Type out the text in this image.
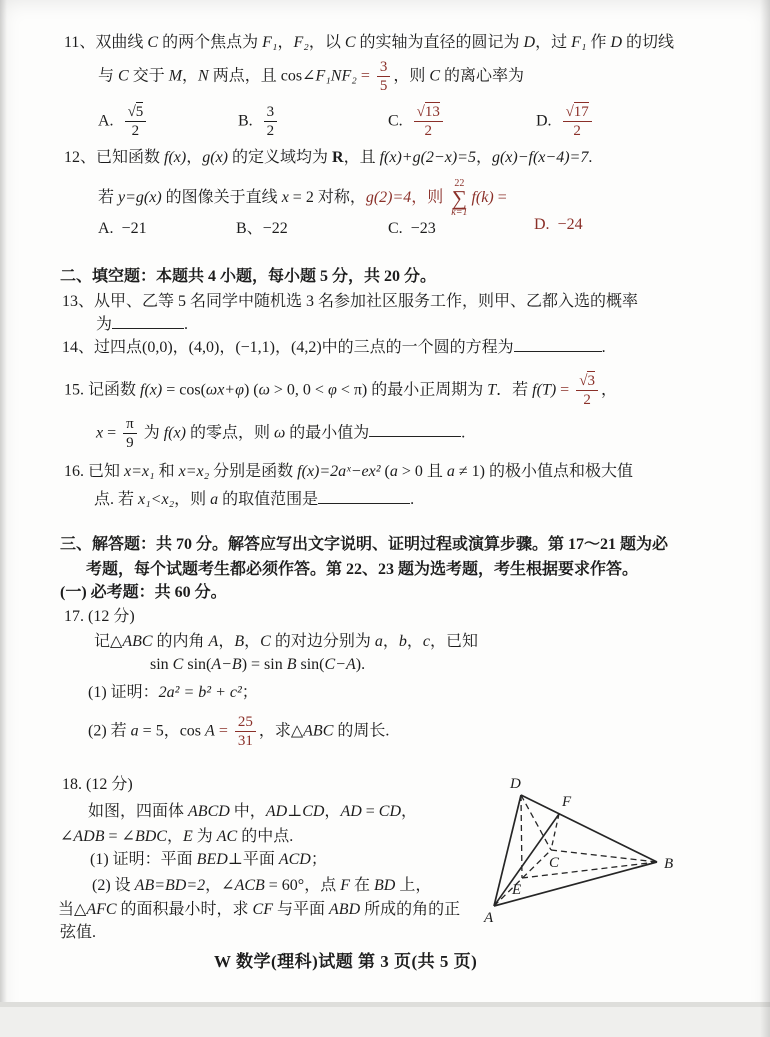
11、双曲线 C 的两个焦点为 F₁，F₂，以 C 的实轴为直径的圆记为 D，过 F₁ 作 D 的切线

与 C 交于 M，N 两点，且 cos∠F₁NF₂ = $\frac{3}{5}$ ，则 C 的离心率为

A.  $\frac{√5}{2}$	B.  $\frac{3}{2}$	C.  $\frac{√13}{2}$	D.  $\frac{√17}{2}$

12、已知函数 f(x)，g(x) 的定义域均为 R，且 f(x)+g(2−x)=5，g(x)−f(x−4)=7.

若 y=g(x) 的图像关于直线 x = 2 对称，g(2)=4，则
22
∑
k=1
f(k) =

A. −21	B、−22	C. −23	D. −24

二、填空题：本题共 4 小题，每小题 5 分，共 20 分。

13、从甲、乙等 5 名同学中随机选 3 名参加社区服务工作，则甲、乙都入选的概率

为	.

14、过四点(0,0)，(4,0)，(−1,1)，(4,2)中的三点的一个圆的方程为	.

15. 记函数 f(x) = cos(ωx+φ) (ω > 0, 0 < φ < π) 的最小正周期为 T．若 $f(T) = \frac{√3}{2}$ ，

$x = \frac{\pi}{9}$ 为 f(x) 的零点，则 ω 的最小值为	.

16. 已知 x=x₁ 和 x=x₂ 分别是函数 f(x)=2aˣ−ex² (a > 0 且 a ≠ 1) 的极小值点和极大值

点. 若 x₁<x₂，则 a 的取值范围是	.

三、解答题：共 70 分。解答应写出文字说明、证明过程或演算步骤。第 17～21 题为必

考题，每个试题考生都必须作答。第 22、23 题为选考题，考生根据要求作答。

(一) 必考题：共 60 分。

17. (12 分)

记△ABC 的内角 A，B，C 的对边分别为 a，b，c，已知

sin C sin(A−B) = sin B sin(C−A).

(1) 证明：2a² = b² + c²；

(2) 若 a = 5，$\cos A = \frac{25}{31}$ ，求△ABC 的周长.

18. (12 分)

如图，四面体 ABCD 中，AD⊥CD，AD = CD，

∠ADB = ∠BDC，E 为 AC 的中点.

(1) 证明：平面 BED⊥平面 ACD；

(2) 设 AB=BD=2，∠ACB = 60°，点 F 在 BD 上，

当△AFC 的面积最小时，求 CF 与平面 ABD 所成的角的正

弦值.

D
F
B
C
E
A

W 数学(理科)试题 第 3 页(共 5 页)
